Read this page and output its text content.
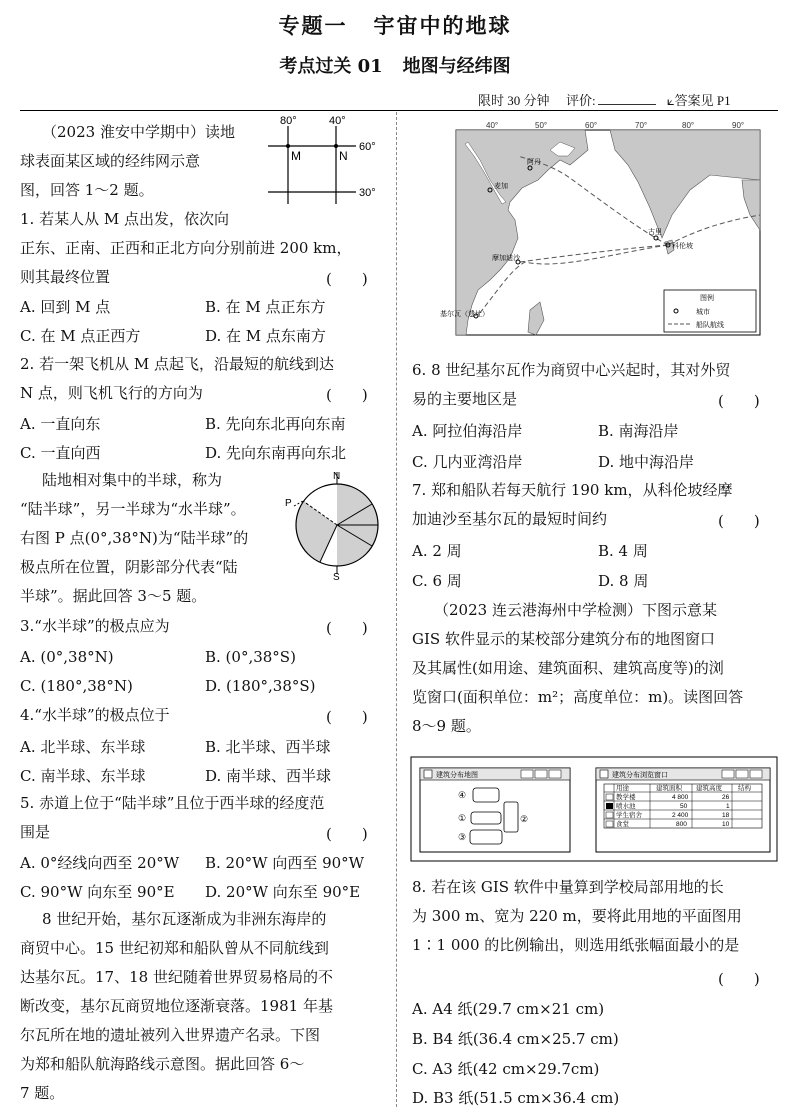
专题一 宇宙中的地球
考点过关 01 地图与经纬图
限时 30 分钟 评价:	⟀答案见 P1
（2023 淮安中学期中）读地
球表面某区域的经纬网示意
图，回答 1～2 题。
80°	40°
60°
30°
M	N
1. 若某人从 M 点出发，依次向
正东、正南、正西和正北方向分别前进 200 km，
则其最终位置	(　　)
A. 回到 M 点	B. 在 M 点正东方
C. 在 M 点正西方	D. 在 M 点东南方
2. 若一架飞机从 M 点起飞，沿最短的航线到达
N 点，则飞机飞行的方向为	(　　)
A. 一直向东	B. 先向东北再向东南
C. 一直向西	D. 先向东南再向东北
陆地相对集中的半球，称为
“陆半球”，另一半球为“水半球”。
右图 P 点(0°,38°N)为“陆半球”的
极点所在位置，阴影部分代表“陆
半球”。据此回答 3～5 题。
N
S
P
3.“水半球”的极点应为	(　　)
A. (0°,38°N)	B. (0°,38°S)
C. (180°,38°N)	D. (180°,38°S)
4.“水半球”的极点位于	(　　)
A. 北半球、东半球	B. 北半球、西半球
C. 南半球、东半球	D. 南半球、西半球
5. 赤道上位于“陆半球”且位于西半球的经度范
围是	(　　)
A. 0°经线向西至 20°W B. 20°W 向西至 90°W
C. 90°W 向东至 90°E D. 20°W 向东至 90°E
8 世纪开始，基尔瓦逐渐成为非洲东海岸的
商贸中心。15 世纪初郑和船队曾从不同航线到
达基尔瓦。17、18 世纪随着世界贸易格局的不
断改变，基尔瓦商贸地位逐渐衰落。1981 年基
尔瓦所在地的遗址被列入世界遗产名录。下图
为郑和船队航海路线示意图。据此回答 6～
7 题。
40°	50°	60°	70°	80°	90°
阿丹
麦加
摩加迪沙
古里
科伦坡
基尔瓦（遗址）
图例
城市
船队航线
6. 8 世纪基尔瓦作为商贸中心兴起时，其对外贸
易的主要地区是	(　　)
A. 阿拉伯海沿岸	B. 南海沿岸
C. 几内亚湾沿岸	D. 地中海沿岸
7. 郑和船队若每天航行 190 km，从科伦坡经摩
加迪沙至基尔瓦的最短时间约	(　　)
A. 2 周	B. 4 周
C. 6 周	D. 8 周
（2023 连云港海州中学检测）下图示意某
GIS 软件显示的某校部分建筑分布的地图窗口
及其属性(如用途、建筑面积、建筑高度等)的浏
览窗口(面积单位：m²；高度单位：m)。读图回答
8～9 题。
建筑分布地图
④
①
③
②
建筑分布浏览窗口
用途	建筑面积 建筑高度 结构
教学楼	4 800	26
喷水池	50	1
学生宿舍	2 400	18
食堂	800	10
8. 若在该 GIS 软件中量算到学校局部用地的长
为 300 m、宽为 220 m，要将此用地的平面图用
1∶1 000 的比例输出，则选用纸张幅面最小的是
(　　)
A. A4 纸(29.7 cm×21 cm)
B. B4 纸(36.4 cm×25.7 cm)
C. A3 纸(42 cm×29.7cm)
D. B3 纸(51.5 cm×36.4 cm)
